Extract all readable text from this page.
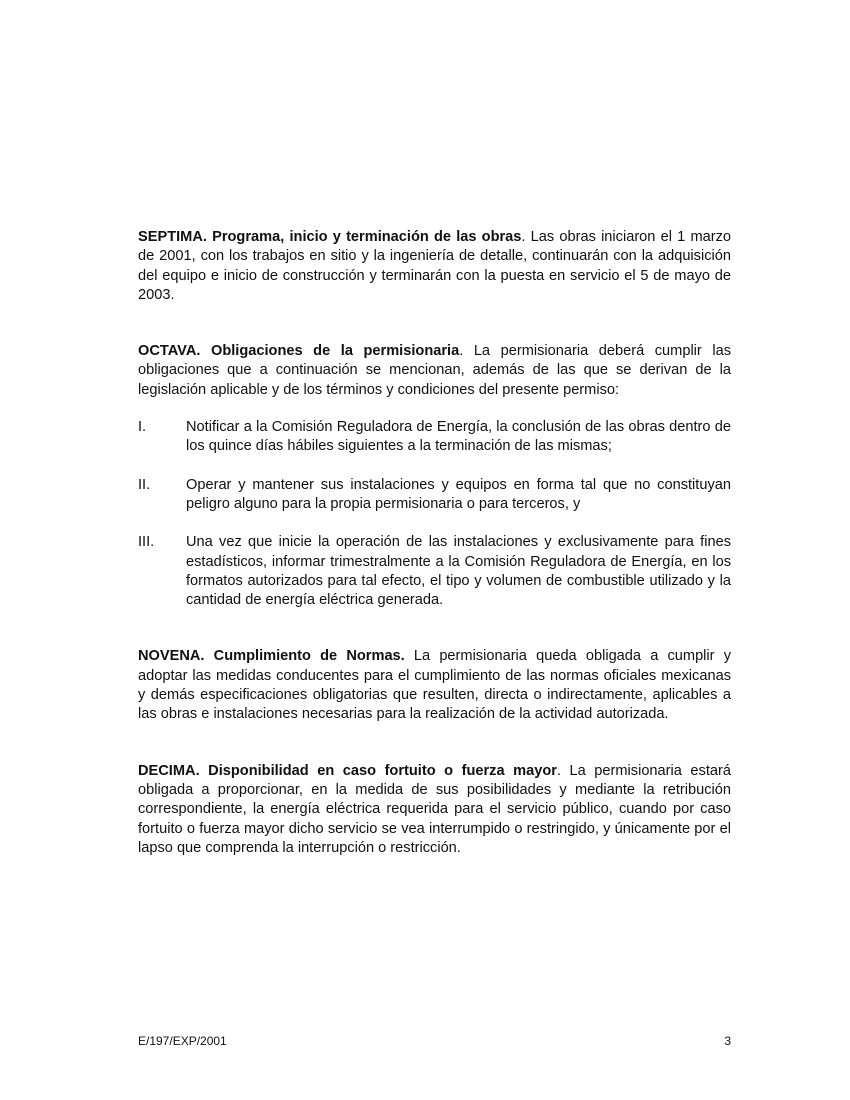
SEPTIMA. Programa, inicio y terminación de las obras. Las obras iniciaron el 1 marzo de 2001, con los trabajos en sitio y la ingeniería de detalle, continuarán con la adquisición del equipo e inicio de construcción y terminarán con la puesta en servicio el 5 de mayo de 2003.

OCTAVA. Obligaciones de la permisionaria. La permisionaria deberá cumplir las obligaciones que a continuación se mencionan, además de las que se derivan de la legislación aplicable y de los términos y condiciones del presente permiso:

I.	Notificar a la Comisión Reguladora de Energía, la conclusión de las obras dentro de los quince días hábiles siguientes a la terminación de las mismas;
II.	Operar y mantener sus instalaciones y equipos en forma tal que no constituyan peligro alguno para la propia permisionaria o para terceros, y
III.	Una vez que inicie la operación de las instalaciones y exclusivamente para fines estadísticos, informar trimestralmente a la Comisión Reguladora de Energía, en los formatos autorizados para tal efecto, el tipo y volumen de combustible utilizado y la cantidad de energía eléctrica generada.

NOVENA. Cumplimiento de Normas. La permisionaria queda obligada a cumplir y adoptar las medidas conducentes para el cumplimiento de las normas oficiales mexicanas y demás especificaciones obligatorias que resulten, directa o indirectamente, aplicables a las obras e instalaciones necesarias para la realización de la actividad autorizada.

DECIMA. Disponibilidad en caso fortuito o fuerza mayor. La permisionaria estará obligada a proporcionar, en la medida de sus posibilidades y mediante la retribución correspondiente, la energía eléctrica requerida para el servicio público, cuando por caso fortuito o fuerza mayor dicho servicio se vea interrumpido o restringido, y únicamente por el lapso que comprenda la interrupción o restricción.

E/197/EXP/2001	3
